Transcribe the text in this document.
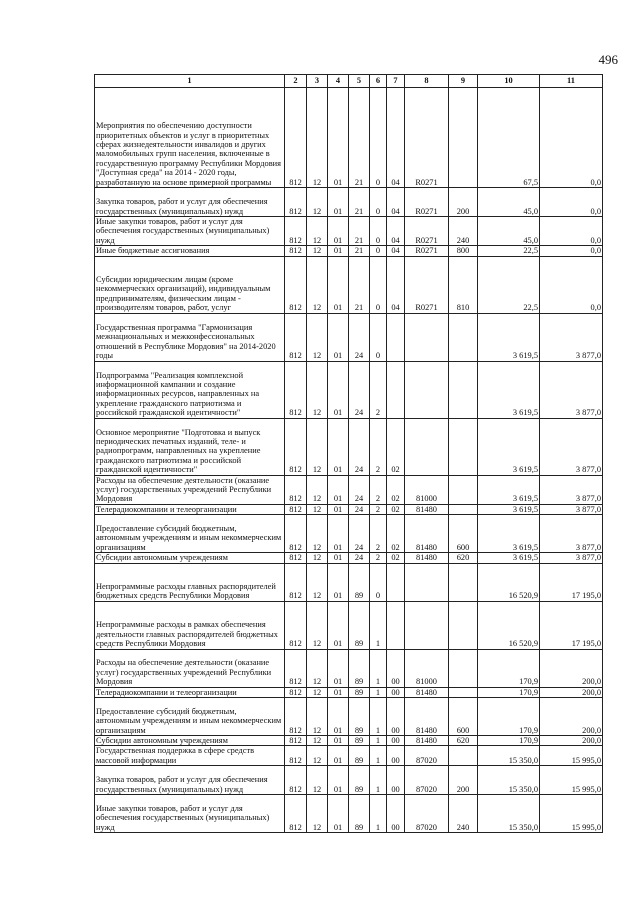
496
1	2	3	4	5	6	7	8	9	10	11
Мероприятия по обеспечению доступности приоритетных объектов и услуг в приоритетных сферах жизнедеятельности инвалидов и других маломобильных групп населения, включенные в государственную программу Республики Мордовия "Доступная среда" на 2014 - 2020 годы, разработанную на основе примерной программы	812	12	01	21	0	04	R0271		67,5	0,0
Закупка товаров, работ и услуг для обеспечения государственных (муниципальных) нужд	812	12	01	21	0	04	R0271	200	45,0	0,0
Иные закупки товаров, работ и услуг для обеспечения государственных (муниципальных) нужд	812	12	01	21	0	04	R0271	240	45,0	0,0
Иные бюджетные ассигнования	812	12	01	21	0	04	R0271	800	22,5	0,0
Субсидии юридическим лицам (кроме некоммерческих организаций), индивидуальным предпринимателям, физическим лицам - производителям товаров, работ, услуг	812	12	01	21	0	04	R0271	810	22,5	0,0
Государственная программа "Гармонизация межнациональных и межконфессиональных отношений в Республике Мордовия" на 2014-2020 годы	812	12	01	24	0				3 619,5	3 877,0
Подпрограмма "Реализация комплексной информационной кампании и создание информационных ресурсов, направленных на укрепление гражданского патриотизма и российской гражданской идентичности"	812	12	01	24	2				3 619,5	3 877,0
Основное мероприятие "Подготовка и выпуск периодических печатных изданий, теле- и радиопрограмм, направленных на укрепление гражданского патриотизма и российской гражданской идентичности"	812	12	01	24	2	02			3 619,5	3 877,0
Расходы на обеспечение деятельности (оказание услуг) государственных учреждений Республики Мордовия	812	12	01	24	2	02	81000		3 619,5	3 877,0
Телерадиокомпании и телеорганизации	812	12	01	24	2	02	81480		3 619,5	3 877,0
Предоставление субсидий бюджетным, автономным учреждениям и иным некоммерческим организациям	812	12	01	24	2	02	81480	600	3 619,5	3 877,0
Субсидии автономным учреждениям	812	12	01	24	2	02	81480	620	3 619,5	3 877,0
Непрограммные расходы главных распорядителей бюджетных средств Республики Мордовия	812	12	01	89	0				16 520,9	17 195,0
Непрограммные расходы в рамках обеспечения деятельности главных распорядителей бюджетных средств Республики Мордовия	812	12	01	89	1				16 520,9	17 195,0
Расходы на обеспечение деятельности (оказание услуг) государственных учреждений Республики Мордовия	812	12	01	89	1	00	81000		170,9	200,0
Телерадиокомпании и телеорганизации	812	12	01	89	1	00	81480		170,9	200,0
Предоставление субсидий бюджетным, автономным учреждениям и иным некоммерческим организациям	812	12	01	89	1	00	81480	600	170,9	200,0
Субсидии автономным учреждениям	812	12	01	89	1	00	81480	620	170,9	200,0
Государственная поддержка в сфере средств массовой информации	812	12	01	89	1	00	87020		15 350,0	15 995,0
Закупка товаров, работ и услуг для обеспечения государственных (муниципальных) нужд	812	12	01	89	1	00	87020	200	15 350,0	15 995,0
Иные закупки товаров, работ и услуг для обеспечения государственных (муниципальных) нужд	812	12	01	89	1	00	87020	240	15 350,0	15 995,0
